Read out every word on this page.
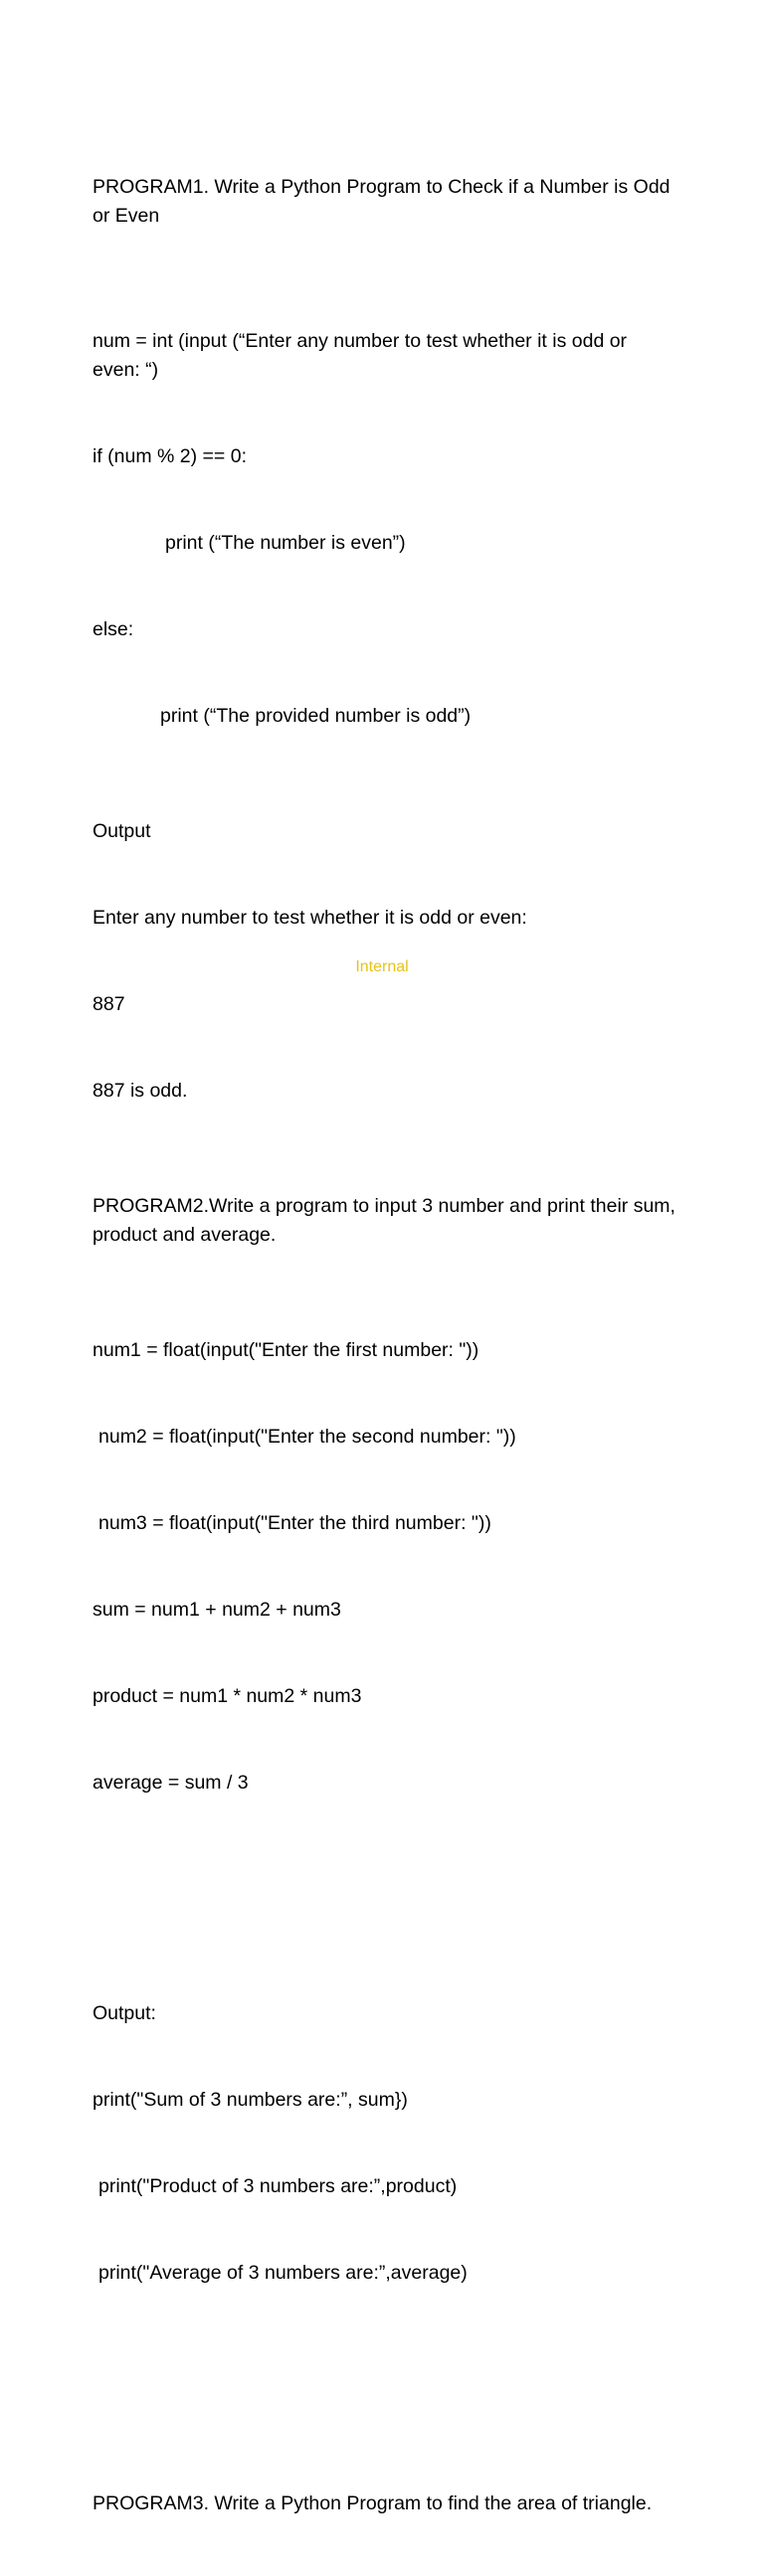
PROGRAM1. Write a Python Program to Check if a Number is Odd or Even

num = int (input (“Enter any number to test whether it is odd or even: “)

if (num % 2) == 0:

print (“The number is even”)

else:

print (“The provided number is odd”)

Output

Enter any number to test whether it is odd or even:

887

887 is odd.

PROGRAM2.Write a program to input 3 number and print their sum, product and average.

num1 = float(input("Enter the first number: "))

num2 = float(input("Enter the second number: "))

num3 = float(input("Enter the third number: "))

sum = num1 + num2 + num3

product = num1 * num2 * num3

average = sum / 3

Output:

print("Sum of 3 numbers are:”, sum})

print("Product of 3 numbers are:”,product)

print("Average of 3 numbers are:”,average)

PROGRAM3. Write a Python Program to find the area of triangle.

Internal
